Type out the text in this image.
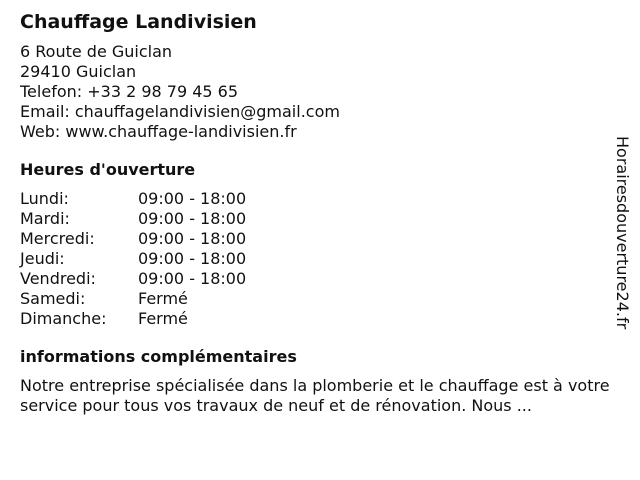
Chauffage Landivisien
6 Route de Guiclan
29410 Guiclan
Telefon: +33 2 98 79 45 65
Email: chauffagelandivisien@gmail.com
Web: www.chauffage-landivisien.fr
Heures d'ouverture
Lundi:	09:00 - 18:00
Mardi:	09:00 - 18:00
Mercredi:	09:00 - 18:00
Jeudi:	09:00 - 18:00
Vendredi:	09:00 - 18:00
Samedi:	Fermé
Dimanche:	Fermé
informations complémentaires
Notre entreprise spécialisée dans la plomberie et le chauffage est à votre service pour tous vos travaux de neuf et de rénovation. Nous ...
Horairesdouverture24.fr
